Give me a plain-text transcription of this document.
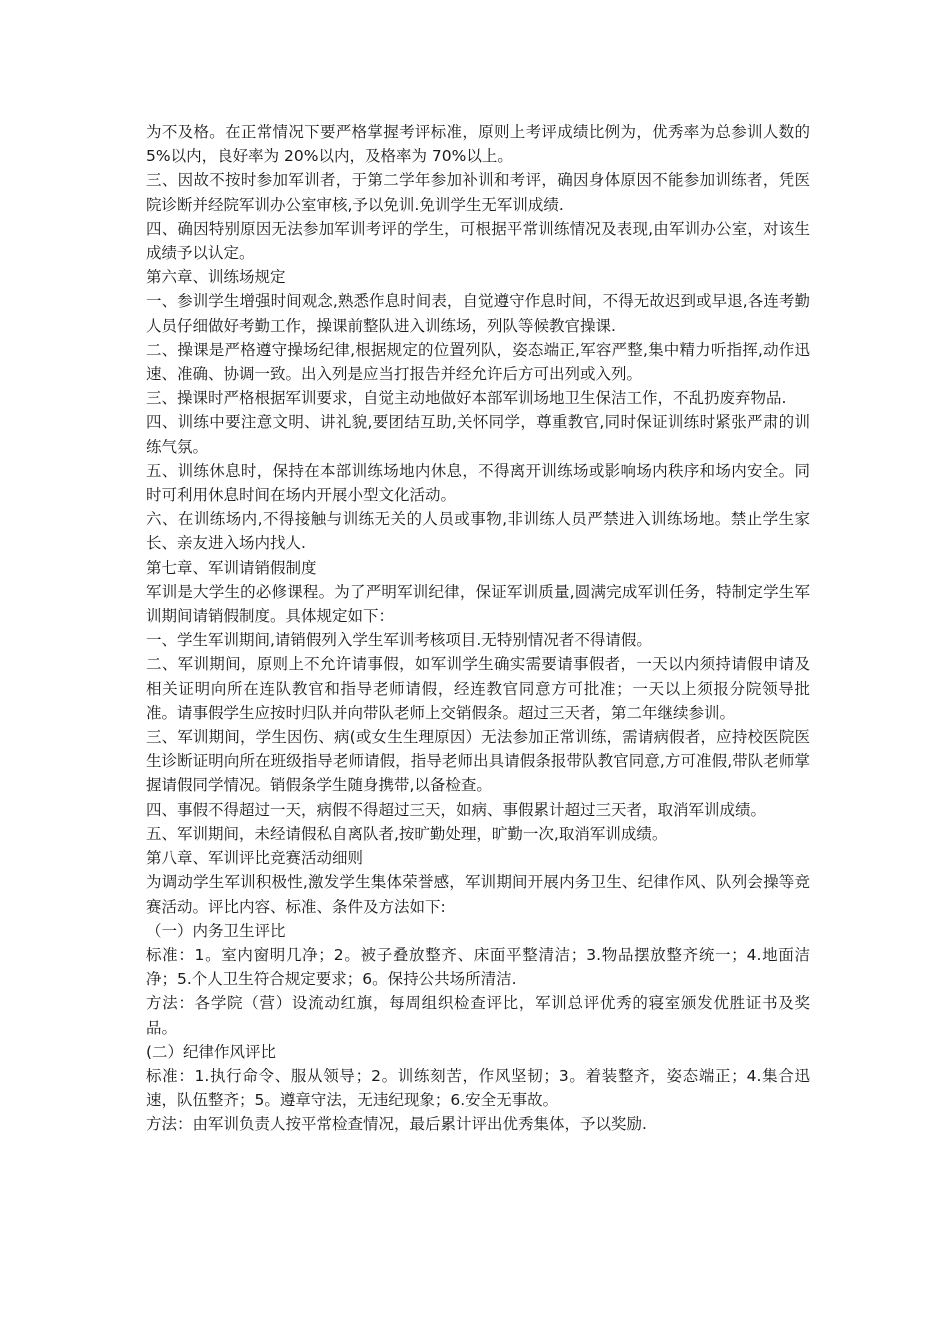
为不及格。在正常情况下要严格掌握考评标准，原则上考评成绩比例为，优秀率为总参训人数的 5%以内，良好率为 20%以内，及格率为 70%以上。

三、因故不按时参加军训者，于第二学年参加补训和考评，确因身体原因不能参加训练者，凭医院诊断并经院军训办公室审核,予以免训.免训学生无军训成绩.

四、确因特别原因无法参加军训考评的学生，可根据平常训练情况及表现,由军训办公室，对该生成绩予以认定。

第六章、训练场规定

一、参训学生增强时间观念,熟悉作息时间表，自觉遵守作息时间，不得无故迟到或早退,各连考勤人员仔细做好考勤工作，操课前整队进入训练场，列队等候教官操课.

二、操课是严格遵守操场纪律,根据规定的位置列队，姿态端正,军容严整,集中精力听指挥,动作迅速、准确、协调一致。出入列是应当打报告并经允许后方可出列或入列。

三、操课时严格根据军训要求，自觉主动地做好本部军训场地卫生保洁工作，不乱扔废弃物品.

四、训练中要注意文明、讲礼貌,要团结互助,关怀同学，尊重教官,同时保证训练时紧张严肃的训练气氛。

五、训练休息时，保持在本部训练场地内休息，不得离开训练场或影响场内秩序和场内安全。同时可利用休息时间在场内开展小型文化活动。

六、在训练场内,不得接触与训练无关的人员或事物,非训练人员严禁进入训练场地。禁止学生家长、亲友进入场内找人.

第七章、军训请销假制度

军训是大学生的必修课程。为了严明军训纪律，保证军训质量,圆满完成军训任务，特制定学生军训期间请销假制度。具体规定如下：

一、学生军训期间,请销假列入学生军训考核项目.无特别情况者不得请假。

二、军训期间，原则上不允许请事假，如军训学生确实需要请事假者，一天以内须持请假申请及相关证明向所在连队教官和指导老师请假，经连教官同意方可批准；一天以上须报分院领导批准。请事假学生应按时归队并向带队老师上交销假条。超过三天者，第二年继续参训。

三、军训期间，学生因伤、病(或女生生理原因）无法参加正常训练，需请病假者，应持校医院医生诊断证明向所在班级指导老师请假，指导老师出具请假条报带队教官同意,方可准假,带队老师掌握请假同学情况。销假条学生随身携带,以备检查。

四、事假不得超过一天，病假不得超过三天，如病、事假累计超过三天者，取消军训成绩。

五、军训期间，未经请假私自离队者,按旷勤处理，旷勤一次,取消军训成绩。

第八章、军训评比竞赛活动细则

为调动学生军训积极性,激发学生集体荣誉感，军训期间开展内务卫生、纪律作风、队列会操等竞赛活动。评比内容、标准、条件及方法如下:

（一）内务卫生评比

标准：1。室内窗明几净；2。被子叠放整齐、床面平整清洁；3.物品摆放整齐统一；4.地面洁净；5.个人卫生符合规定要求；6。保持公共场所清洁.

方法：各学院（营）设流动红旗，每周组织检查评比，军训总评优秀的寝室颁发优胜证书及奖品。

(二）纪律作风评比

标准：1.执行命令、服从领导；2。训练刻苦，作风坚韧；3。着装整齐，姿态端正；4.集合迅速，队伍整齐；5。遵章守法，无违纪现象；6.安全无事故。

方法：由军训负责人按平常检查情况，最后累计评出优秀集体，予以奖励.
